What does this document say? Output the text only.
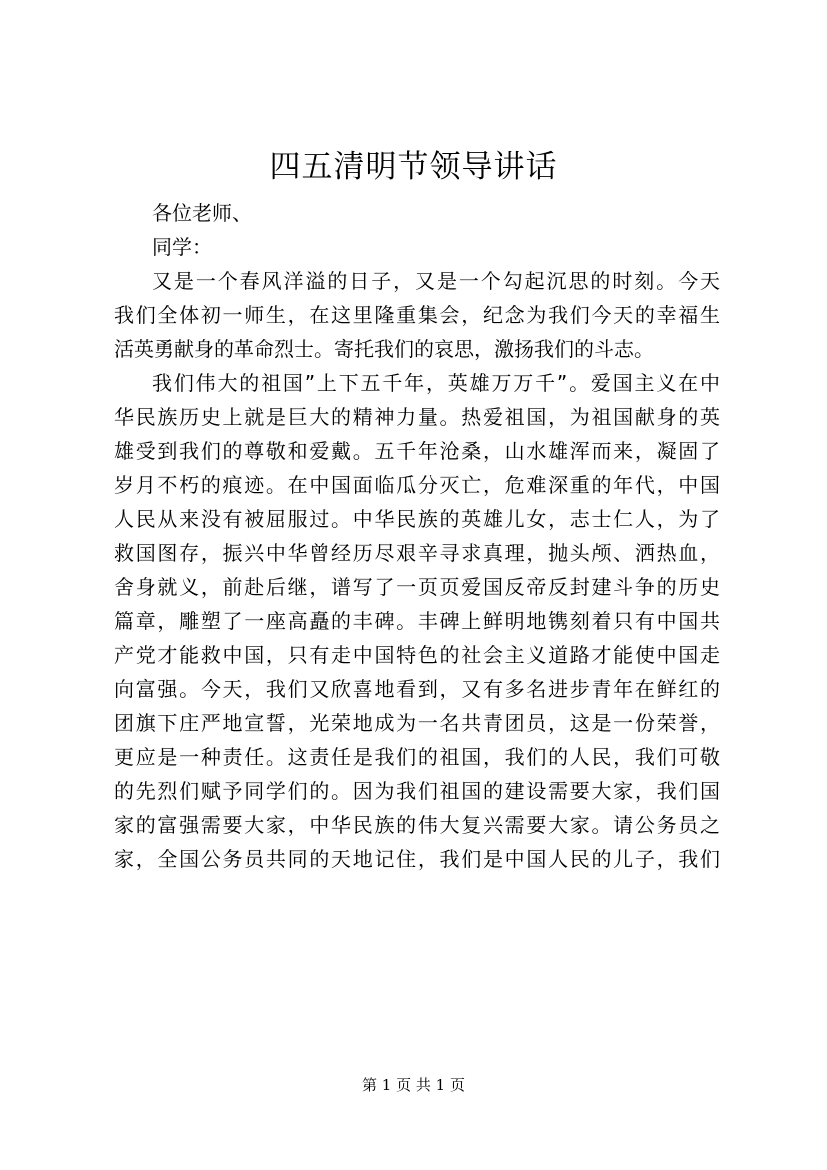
四五清明节领导讲话
各位老师、
同学：
又是一个春风洋溢的日子，又是一个勾起沉思的时刻。今天
我们全体初一师生，在这里隆重集会，纪念为我们今天的幸福生
活英勇献身的革命烈士。寄托我们的哀思，激扬我们的斗志。
我们伟大的祖国”上下五千年，英雄万万千”。爱国主义在中
华民族历史上就是巨大的精神力量。热爱祖国，为祖国献身的英
雄受到我们的尊敬和爱戴。五千年沧桑，山水雄浑而来，凝固了
岁月不朽的痕迹。在中国面临瓜分灭亡，危难深重的年代，中国
人民从来没有被屈服过。中华民族的英雄儿女，志士仁人，为了
救国图存，振兴中华曾经历尽艰辛寻求真理，抛头颅、洒热血，
舍身就义，前赴后继，谱写了一页页爱国反帝反封建斗争的历史
篇章，雕塑了一座高矗的丰碑。丰碑上鲜明地镌刻着只有中国共
产党才能救中国，只有走中国特色的社会主义道路才能使中国走
向富强。今天，我们又欣喜地看到，又有多名进步青年在鲜红的
团旗下庄严地宣誓，光荣地成为一名共青团员，这是一份荣誉，
更应是一种责任。这责任是我们的祖国，我们的人民，我们可敬
的先烈们赋予同学们的。因为我们祖国的建设需要大家，我们国
家的富强需要大家，中华民族的伟大复兴需要大家。请公务员之
家，全国公务员共同的天地记住，我们是中国人民的儿子，我们
第 1 页 共 1 页
